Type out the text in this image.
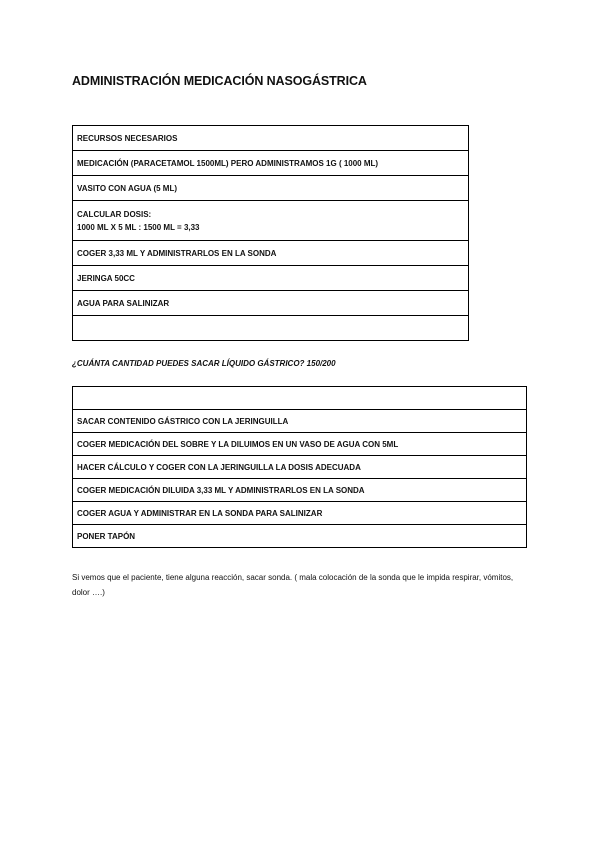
ADMINISTRACIÓN MEDICACIÓN NASOGÁSTRICA
RECURSOS NECESARIOS
MEDICACIÓN (PARACETAMOL 1500ML) PERO ADMINISTRAMOS 1G ( 1000 ML)
VASITO CON AGUA (5 ML)

CALCULAR DOSIS:
1000 ML X 5 ML : 1500 ML = 3,33

COGER 3,33 ML Y ADMINISTRARLOS EN LA SONDA
JERINGA 50CC
AGUA PARA SALINIZAR

¿CUÁNTA CANTIDAD PUEDES SACAR LÍQUIDO GÁSTRICO? 150/200

SACAR CONTENIDO GÁSTRICO CON LA JERINGUILLA
COGER MEDICACIÓN DEL SOBRE Y LA DILUIMOS EN UN VASO DE AGUA CON 5ML
HACER CÁLCULO Y COGER CON LA JERINGUILLA LA DOSIS ADECUADA
COGER MEDICACIÓN DILUIDA 3,33 ML Y ADMINISTRARLOS EN LA SONDA
COGER AGUA Y ADMINISTRAR EN LA SONDA PARA SALINIZAR
PONER TAPÓN
Si vemos que el paciente, tiene alguna reacción, sacar sonda. ( mala colocación de la sonda que le impida respirar, vómitos, dolor ….)
